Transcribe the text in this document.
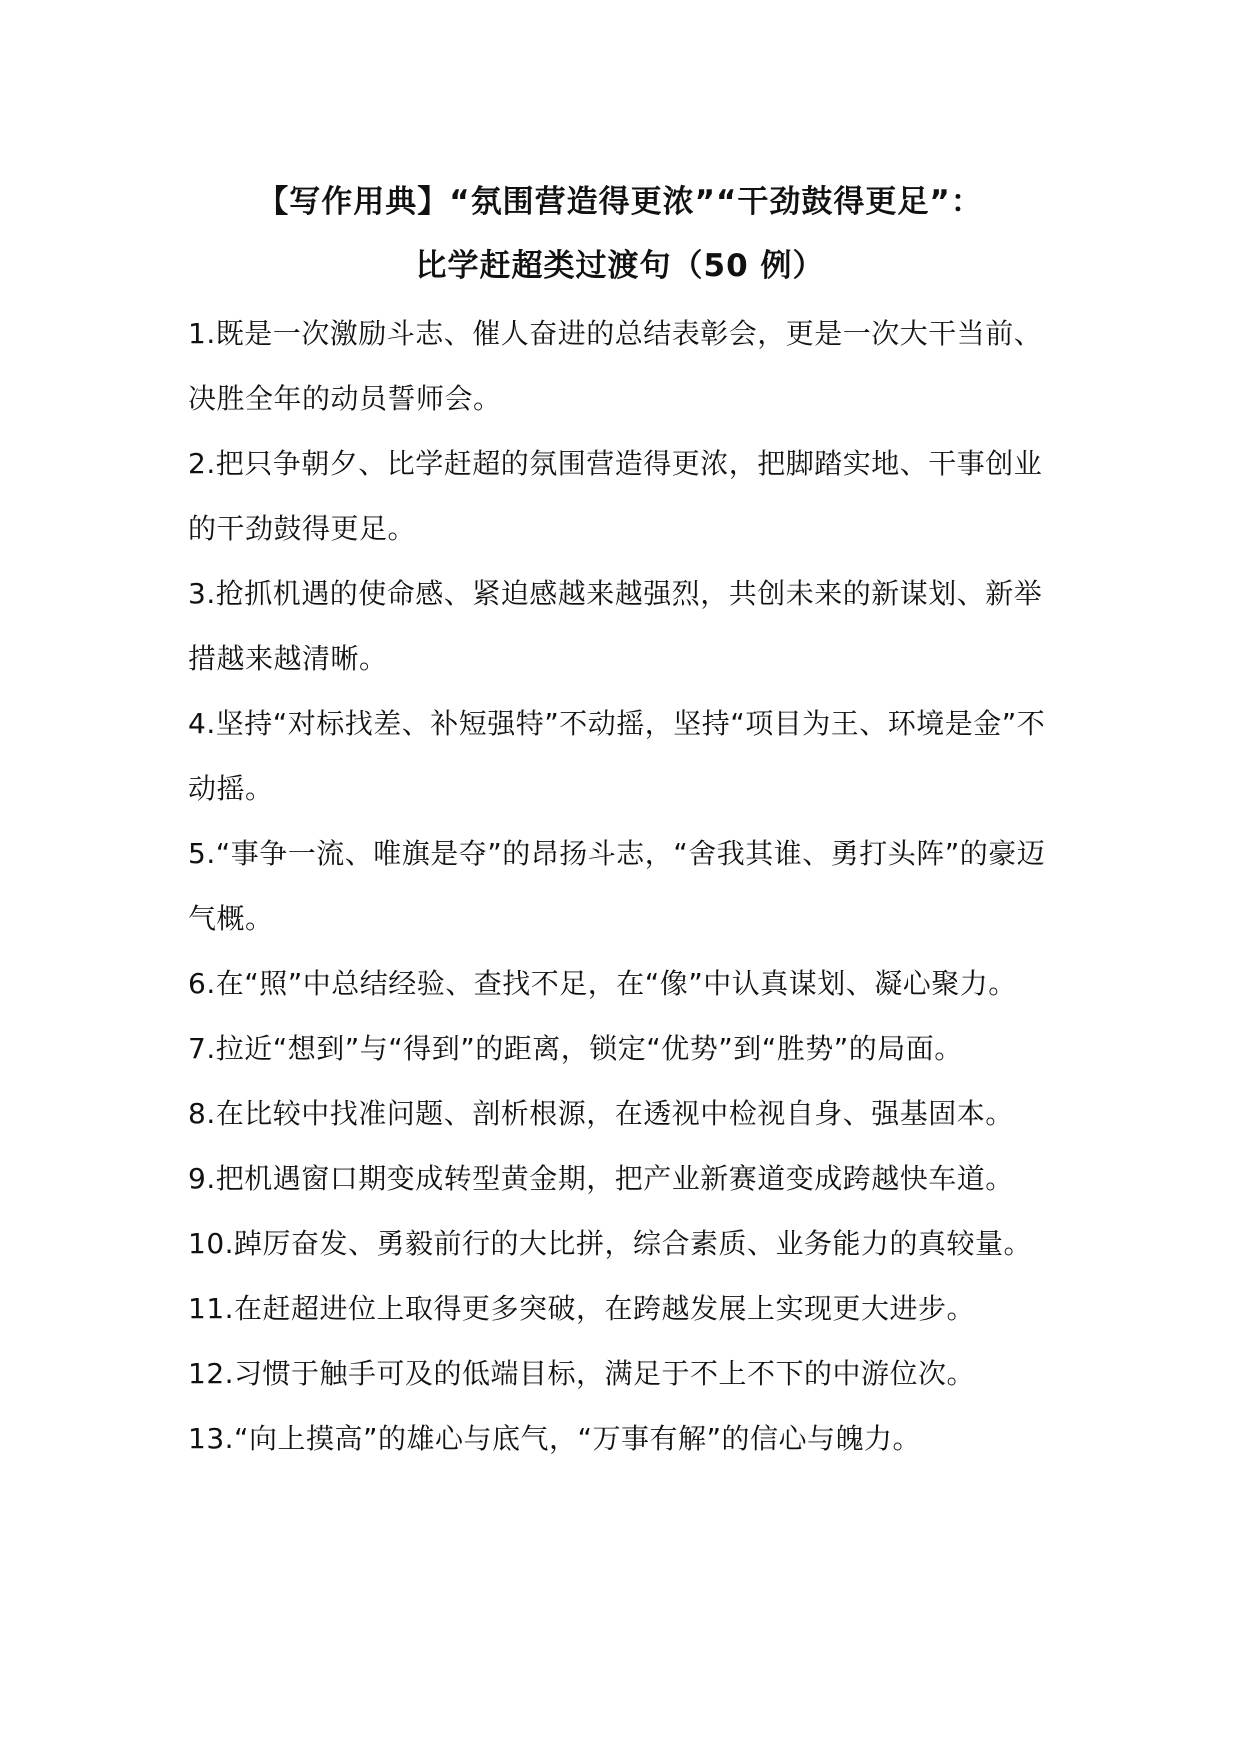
【写作用典】“氛围营造得更浓”“干劲鼓得更足”：
比学赶超类过渡句（50 例）
1.既是一次激励斗志、催人奋进的总结表彰会，更是一次大干当前、决胜全年的动员誓师会。
2.把只争朝夕、比学赶超的氛围营造得更浓，把脚踏实地、干事创业的干劲鼓得更足。
3.抢抓机遇的使命感、紧迫感越来越强烈，共创未来的新谋划、新举措越来越清晰。
4.坚持“对标找差、补短强特”不动摇，坚持“项目为王、环境是金”不动摇。
5.“事争一流、唯旗是夺”的昂扬斗志，“舍我其谁、勇打头阵”的豪迈气概。
6.在“照”中总结经验、查找不足，在“像”中认真谋划、凝心聚力。
7.拉近“想到”与“得到”的距离，锁定“优势”到“胜势”的局面。
8.在比较中找准问题、剖析根源，在透视中检视自身、强基固本。
9.把机遇窗口期变成转型黄金期，把产业新赛道变成跨越快车道。
10.踔厉奋发、勇毅前行的大比拼，综合素质、业务能力的真较量。
11.在赶超进位上取得更多突破，在跨越发展上实现更大进步。
12.习惯于触手可及的低端目标，满足于不上不下的中游位次。
13.“向上摸高”的雄心与底气，“万事有解”的信心与魄力。
